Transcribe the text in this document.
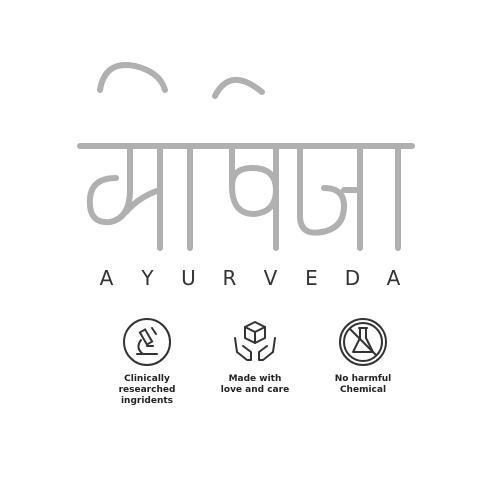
A	Y	U	R	V	E	D	A
Clinically
researched
ingridents
Made with
love and care
No harmful
Chemical
